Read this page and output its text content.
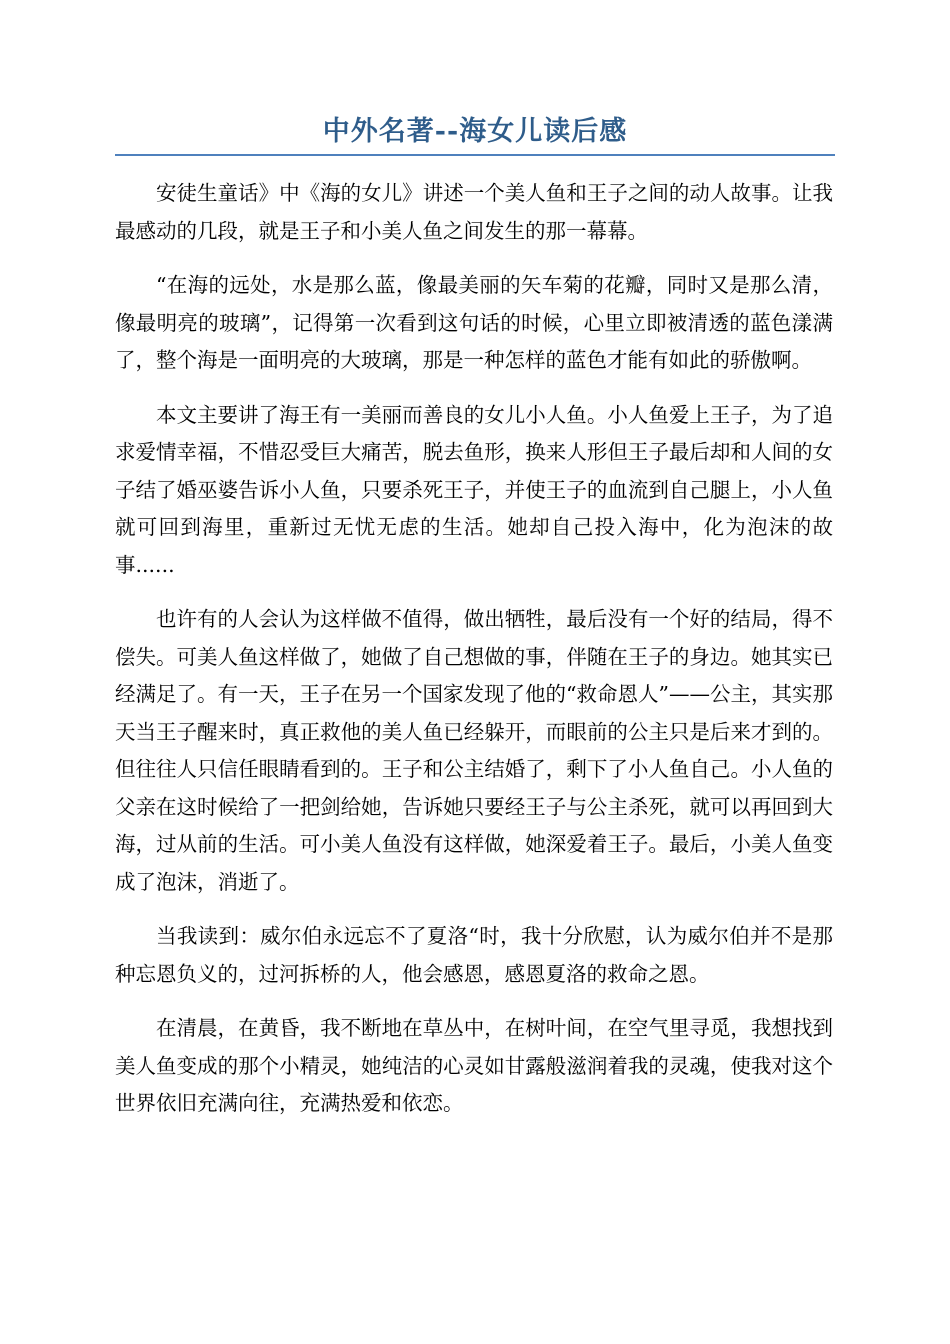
中外名著--海女儿读后感

安徒生童话》中《海的女儿》讲述一个美人鱼和王子之间的动人故事。让我最感动的几段，就是王子和小美人鱼之间发生的那一幕幕。

“在海的远处，水是那么蓝，像最美丽的矢车菊的花瓣，同时又是那么清，像最明亮的玻璃”，记得第一次看到这句话的时候，心里立即被清透的蓝色漾满了，整个海是一面明亮的大玻璃，那是一种怎样的蓝色才能有如此的骄傲啊。

本文主要讲了海王有一美丽而善良的女儿小人鱼。小人鱼爱上王子，为了追求爱情幸福，不惜忍受巨大痛苦，脱去鱼形，换来人形但王子最后却和人间的女子结了婚巫婆告诉小人鱼，只要杀死王子，并使王子的血流到自己腿上，小人鱼就可回到海里，重新过无忧无虑的生活。她却自己投入海中，化为泡沫的故事......

也许有的人会认为这样做不值得，做出牺牲，最后没有一个好的结局，得不偿失。可美人鱼这样做了，她做了自己想做的事，伴随在王子的身边。她其实已经满足了。有一天，王子在另一个国家发现了他的“救命恩人”——公主，其实那天当王子醒来时，真正救他的美人鱼已经躲开，而眼前的公主只是后来才到的。但往往人只信任眼睛看到的。王子和公主结婚了，剩下了小人鱼自己。小人鱼的父亲在这时候给了一把剑给她，告诉她只要经王子与公主杀死，就可以再回到大海，过从前的生活。可小美人鱼没有这样做，她深爱着王子。最后，小美人鱼变成了泡沫，消逝了。

当我读到：威尔伯永远忘不了夏洛“时，我十分欣慰，认为威尔伯并不是那种忘恩负义的，过河拆桥的人，他会感恩，感恩夏洛的救命之恩。

在清晨，在黄昏，我不断地在草丛中，在树叶间，在空气里寻觅，我想找到美人鱼变成的那个小精灵，她纯洁的心灵如甘露般滋润着我的灵魂，使我对这个世界依旧充满向往，充满热爱和依恋。
